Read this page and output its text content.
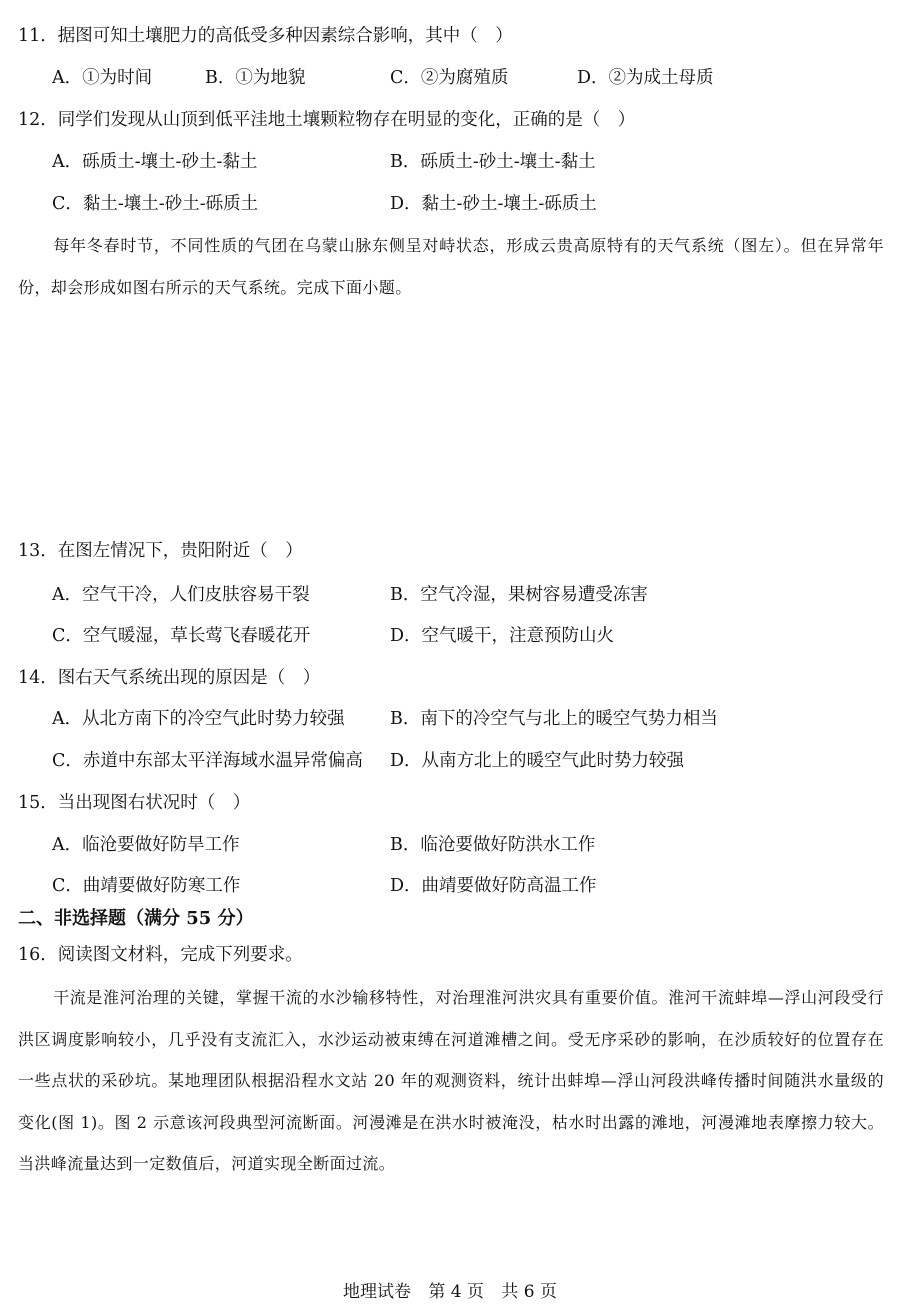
11．据图可知土壤肥力的高低受多种因素综合影响，其中（　）
A．①为时间	B．①为地貌	C．②为腐殖质	D．②为成土母质
12．同学们发现从山顶到低平洼地土壤颗粒物存在明显的变化，正确的是（　）
A．砾质土-壤土-砂土-黏土	B．砾质土-砂土-壤土-黏土
C．黏土-壤土-砂土-砾质土	D．黏土-砂土-壤土-砾质土

每年冬春时节，不同性质的气团在乌蒙山脉东侧呈对峙状态，形成云贵高原特有的天气系统（图左）。但在异常年份，却会形成如图右所示的天气系统。完成下面小题。

13．在图左情况下，贵阳附近（　）
A．空气干冷，人们皮肤容易干裂	B．空气冷湿，果树容易遭受冻害
C．空气暖湿，草长莺飞春暖花开	D．空气暖干，注意预防山火
14．图右天气系统出现的原因是（　）
A．从北方南下的冷空气此时势力较强	B．南下的冷空气与北上的暖空气势力相当
C．赤道中东部太平洋海域水温异常偏高 D．从南方北上的暖空气此时势力较强
15．当出现图右状况时（　）
A．临沧要做好防旱工作	B．临沧要做好防洪水工作
C．曲靖要做好防寒工作	D．曲靖要做好防高温工作
二、非选择题（满分 55 分）
16．阅读图文材料，完成下列要求。

干流是淮河治理的关键，掌握干流的水沙输移特性，对治理淮河洪灾具有重要价值。淮河干流蚌埠—浮山河段受行洪区调度影响较小，几乎没有支流汇入，水沙运动被束缚在河道滩槽之间。受无序采砂的影响，在沙质较好的位置存在一些点状的采砂坑。某地理团队根据沿程水文站 20 年的观测资料，统计出蚌埠—浮山河段洪峰传播时间随洪水量级的变化(图 1)。图 2 示意该河段典型河流断面。河漫滩是在洪水时被淹没，枯水时出露的滩地，河漫滩地表摩擦力较大。当洪峰流量达到一定数值后，河道实现全断面过流。

地理试卷 第 4 页 共 6 页
